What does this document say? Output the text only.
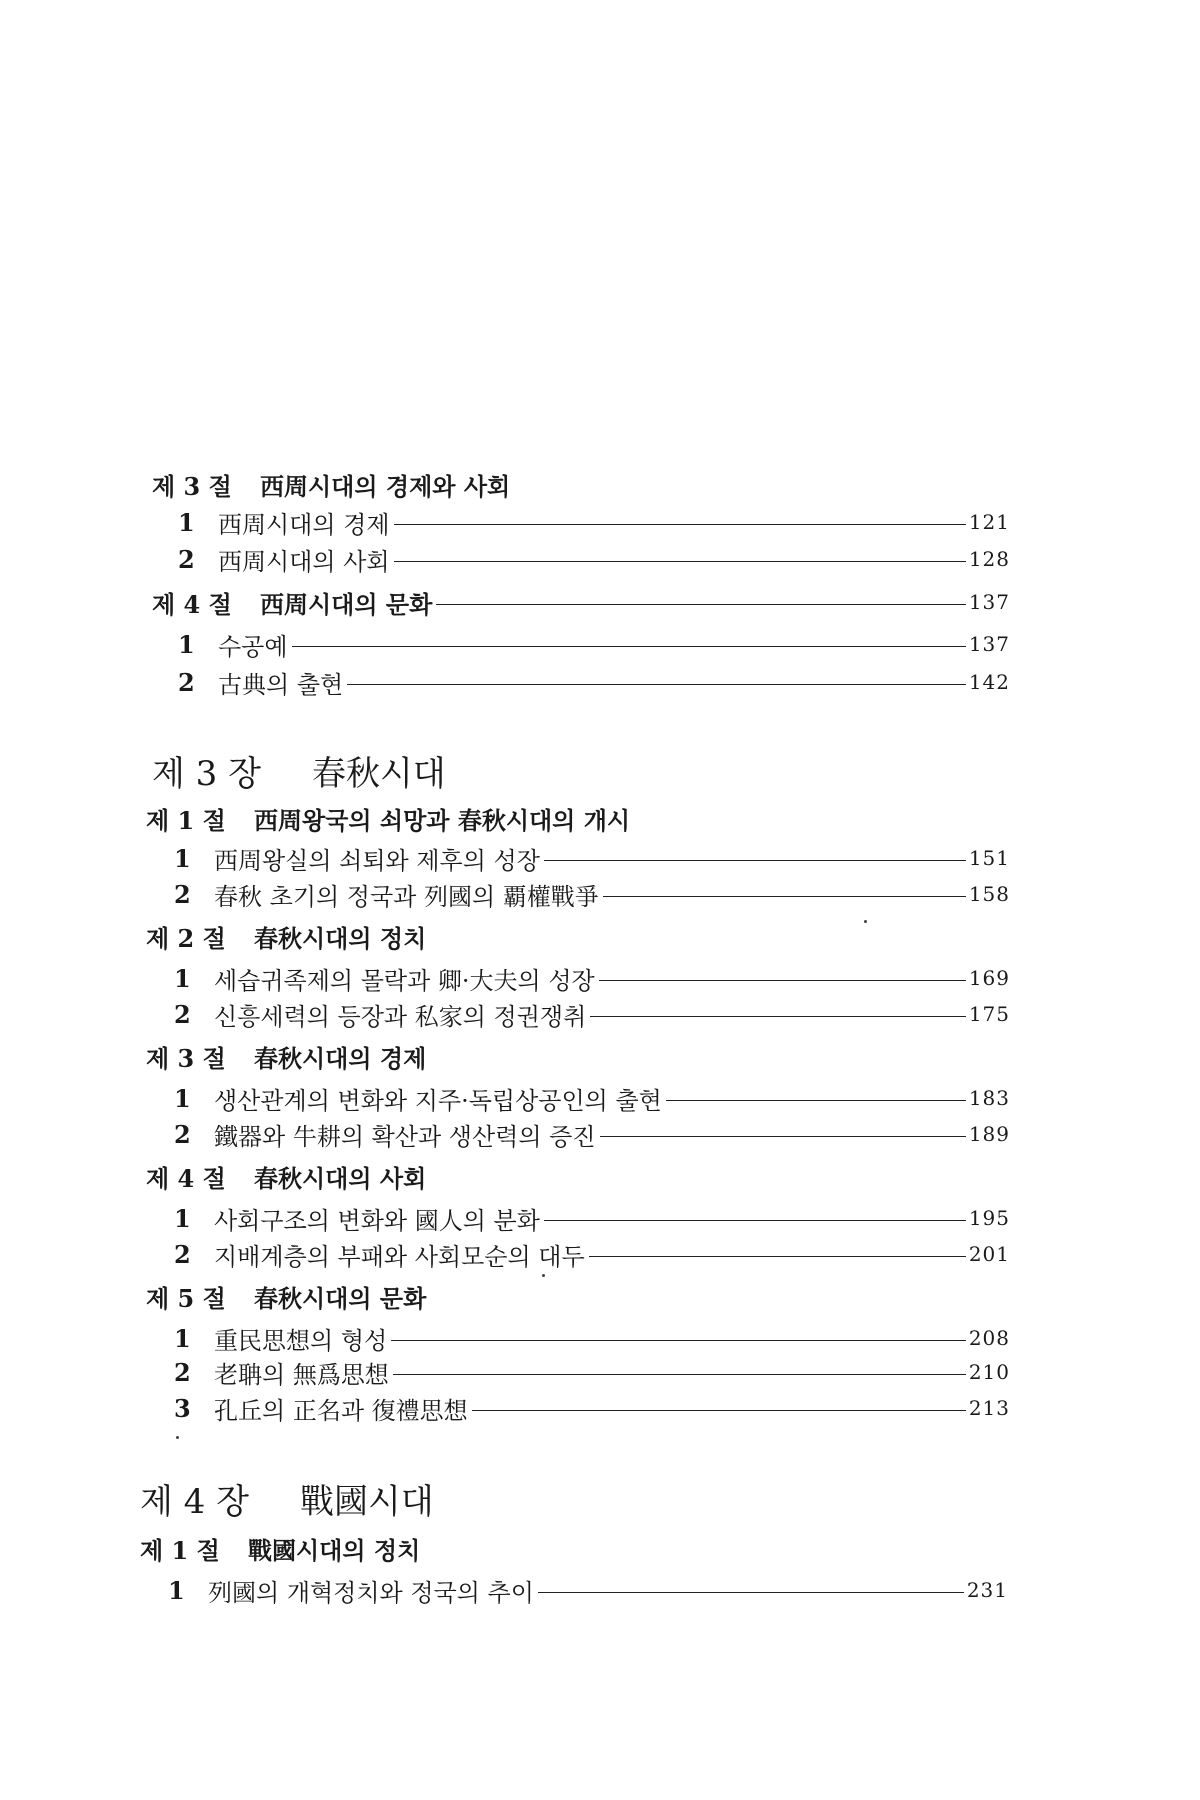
제 3 절	西周시대의 경제와 사회
1 西周시대의 경제	121
2 西周시대의 사회	128
제 4 절	西周시대의 문화	137
1 수공예	137
2 古典의 출현	142
제 3 장	春秋시대
제 1 절	西周왕국의 쇠망과 春秋시대의 개시
1 西周왕실의 쇠퇴와 제후의 성장	151
2 春秋 초기의 정국과 列國의 覇權戰爭	158
제 2 절	春秋시대의 정치
1 세습귀족제의 몰락과 卿·大夫의 성장	169
2 신흥세력의 등장과 私家의 정권쟁취	175
제 3 절	春秋시대의 경제
1 생산관계의 변화와 지주·독립상공인의 출현	183
2 鐵器와 牛耕의 확산과 생산력의 증진	189
제 4 절	春秋시대의 사회
1 사회구조의 변화와 國人의 분화	195
2 지배계층의 부패와 사회모순의 대두	201
제 5 절	春秋시대의 문화
1 重民思想의 형성	208
2 老聃의 無爲思想	210
3 孔丘의 正名과 復禮思想	213
제 4 장	戰國시대
제 1 절	戰國시대의 정치
1 列國의 개혁정치와 정국의 추이	231
